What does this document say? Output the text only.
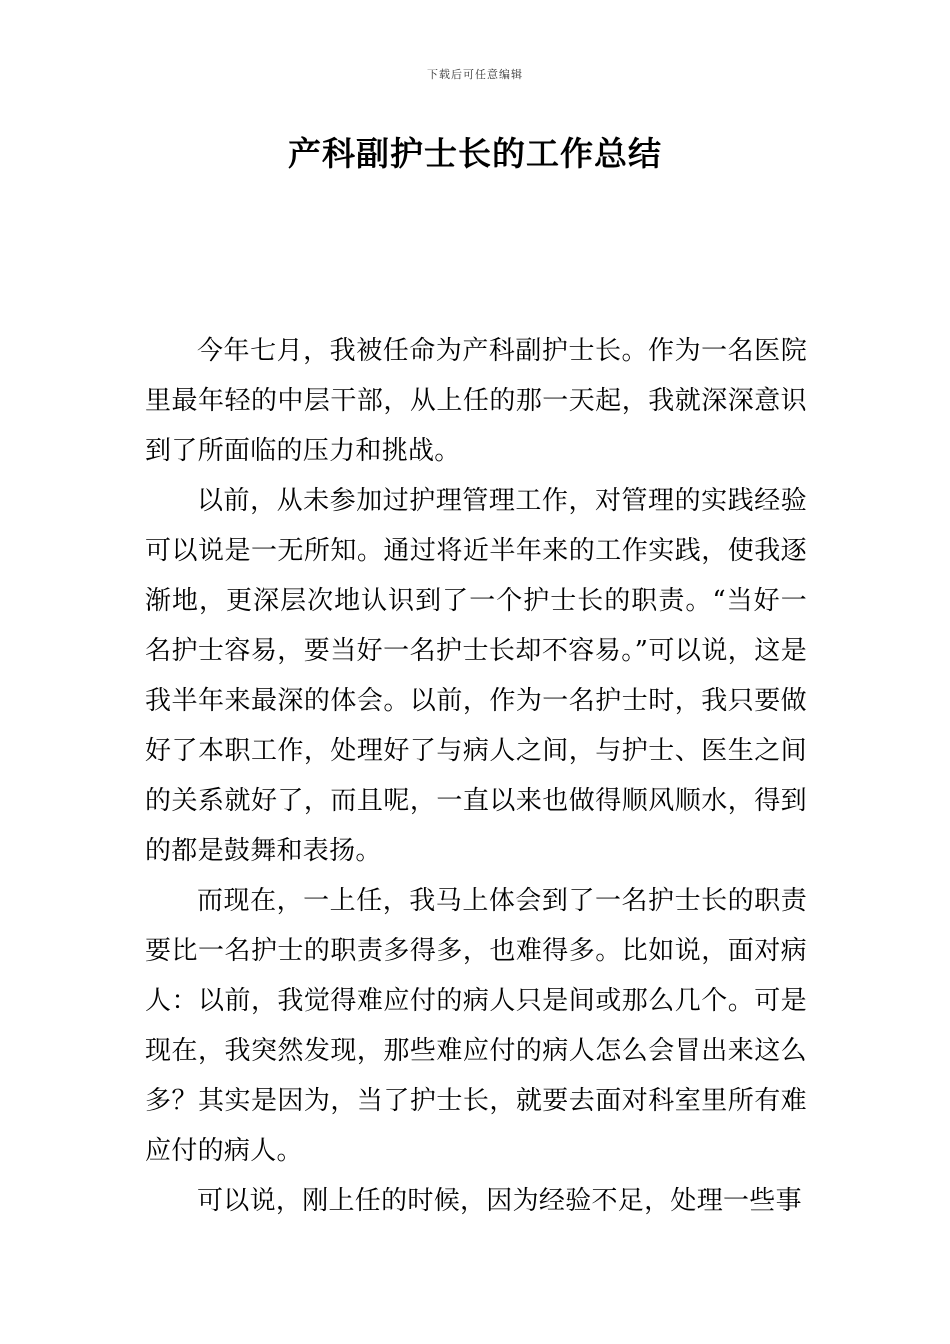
下载后可任意编辑
产科副护士长的工作总结

今年七月，我被任命为产科副护士长。作为一名医院里最年轻的中层干部，从上任的那一天起，我就深深意识到了所面临的压力和挑战。

以前，从未参加过护理管理工作，对管理的实践经验可以说是一无所知。通过将近半年来的工作实践，使我逐渐地，更深层次地认识到了一个护士长的职责。“当好一名护士容易，要当好一名护士长却不容易。”可以说，这是我半年来最深的体会。以前，作为一名护士时，我只要做好了本职工作，处理好了与病人之间，与护士、医生之间的关系就好了，而且呢，一直以来也做得顺风顺水，得到的都是鼓舞和表扬。

而现在，一上任，我马上体会到了一名护士长的职责要比一名护士的职责多得多，也难得多。比如说，面对病人：以前，我觉得难应付的病人只是间或那么几个。可是现在，我突然发现，那些难应付的病人怎么会冒出来这么多？其实是因为，当了护士长，就要去面对科室里所有难应付的病人。

可以说，刚上任的时候，因为经验不足，处理一些事
